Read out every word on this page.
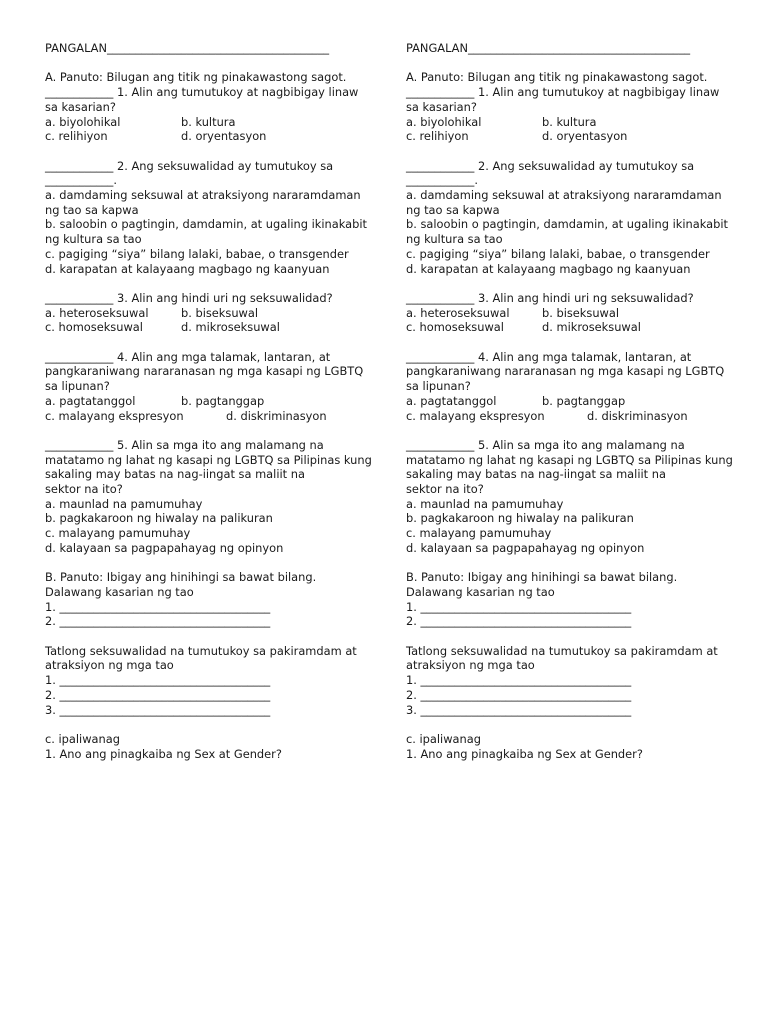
PANGALAN_______________________________________
A. Panuto: Bilugan ang titik ng pinakawastong sagot.
____________ 1. Alin ang tumutukoy at nagbibigay linaw
sa kasarian?
a. biyolohikal	b. kultura
c. relihiyon	d. oryentasyon
____________ 2. Ang seksuwalidad ay tumutukoy sa
____________.
a. damdaming seksuwal at atraksiyong nararamdaman
ng tao sa kapwa
b. saloobin o pagtingin, damdamin, at ugaling ikinakabit
ng kultura sa tao
c. pagiging “siya” bilang lalaki, babae, o transgender
d. karapatan at kalayaang magbago ng kaanyuan
____________ 3. Alin ang hindi uri ng seksuwalidad?
a. heteroseksuwal	b. biseksuwal
c. homoseksuwal	d. mikroseksuwal
____________ 4. Alin ang mga talamak, lantaran, at
pangkaraniwang nararanasan ng mga kasapi ng LGBTQ
sa lipunan?
a. pagtatanggol	b. pagtanggap
c. malayang ekspresyon	d. diskriminasyon
____________ 5. Alin sa mga ito ang malamang na
matatamo ng lahat ng kasapi ng LGBTQ sa Pilipinas kung
sakaling may batas na nag-iingat sa maliit na
sektor na ito?
a. maunlad na pamumuhay
b. pagkakaroon ng hiwalay na palikuran
c. malayang pamumuhay
d. kalayaan sa pagpapahayag ng opinyon
B. Panuto: Ibigay ang hinihingi sa bawat bilang.
Dalawang kasarian ng tao
1. _____________________________________
2. _____________________________________
Tatlong seksuwalidad na tumutukoy sa pakiramdam at
atraksiyon ng mga tao
1. _____________________________________
2. _____________________________________
3. _____________________________________
c. ipaliwanag
1. Ano ang pinagkaiba ng Sex at Gender?
PANGALAN_______________________________________
A. Panuto: Bilugan ang titik ng pinakawastong sagot.
____________ 1. Alin ang tumutukoy at nagbibigay linaw
sa kasarian?
a. biyolohikal	b. kultura
c. relihiyon	d. oryentasyon
____________ 2. Ang seksuwalidad ay tumutukoy sa
____________.
a. damdaming seksuwal at atraksiyong nararamdaman
ng tao sa kapwa
b. saloobin o pagtingin, damdamin, at ugaling ikinakabit
ng kultura sa tao
c. pagiging “siya” bilang lalaki, babae, o transgender
d. karapatan at kalayaang magbago ng kaanyuan
____________ 3. Alin ang hindi uri ng seksuwalidad?
a. heteroseksuwal	b. biseksuwal
c. homoseksuwal	d. mikroseksuwal
____________ 4. Alin ang mga talamak, lantaran, at
pangkaraniwang nararanasan ng mga kasapi ng LGBTQ
sa lipunan?
a. pagtatanggol	b. pagtanggap
c. malayang ekspresyon	d. diskriminasyon
____________ 5. Alin sa mga ito ang malamang na
matatamo ng lahat ng kasapi ng LGBTQ sa Pilipinas kung
sakaling may batas na nag-iingat sa maliit na
sektor na ito?
a. maunlad na pamumuhay
b. pagkakaroon ng hiwalay na palikuran
c. malayang pamumuhay
d. kalayaan sa pagpapahayag ng opinyon
B. Panuto: Ibigay ang hinihingi sa bawat bilang.
Dalawang kasarian ng tao
1. _____________________________________
2. _____________________________________
Tatlong seksuwalidad na tumutukoy sa pakiramdam at
atraksiyon ng mga tao
1. _____________________________________
2. _____________________________________
3. _____________________________________
c. ipaliwanag
1. Ano ang pinagkaiba ng Sex at Gender?
